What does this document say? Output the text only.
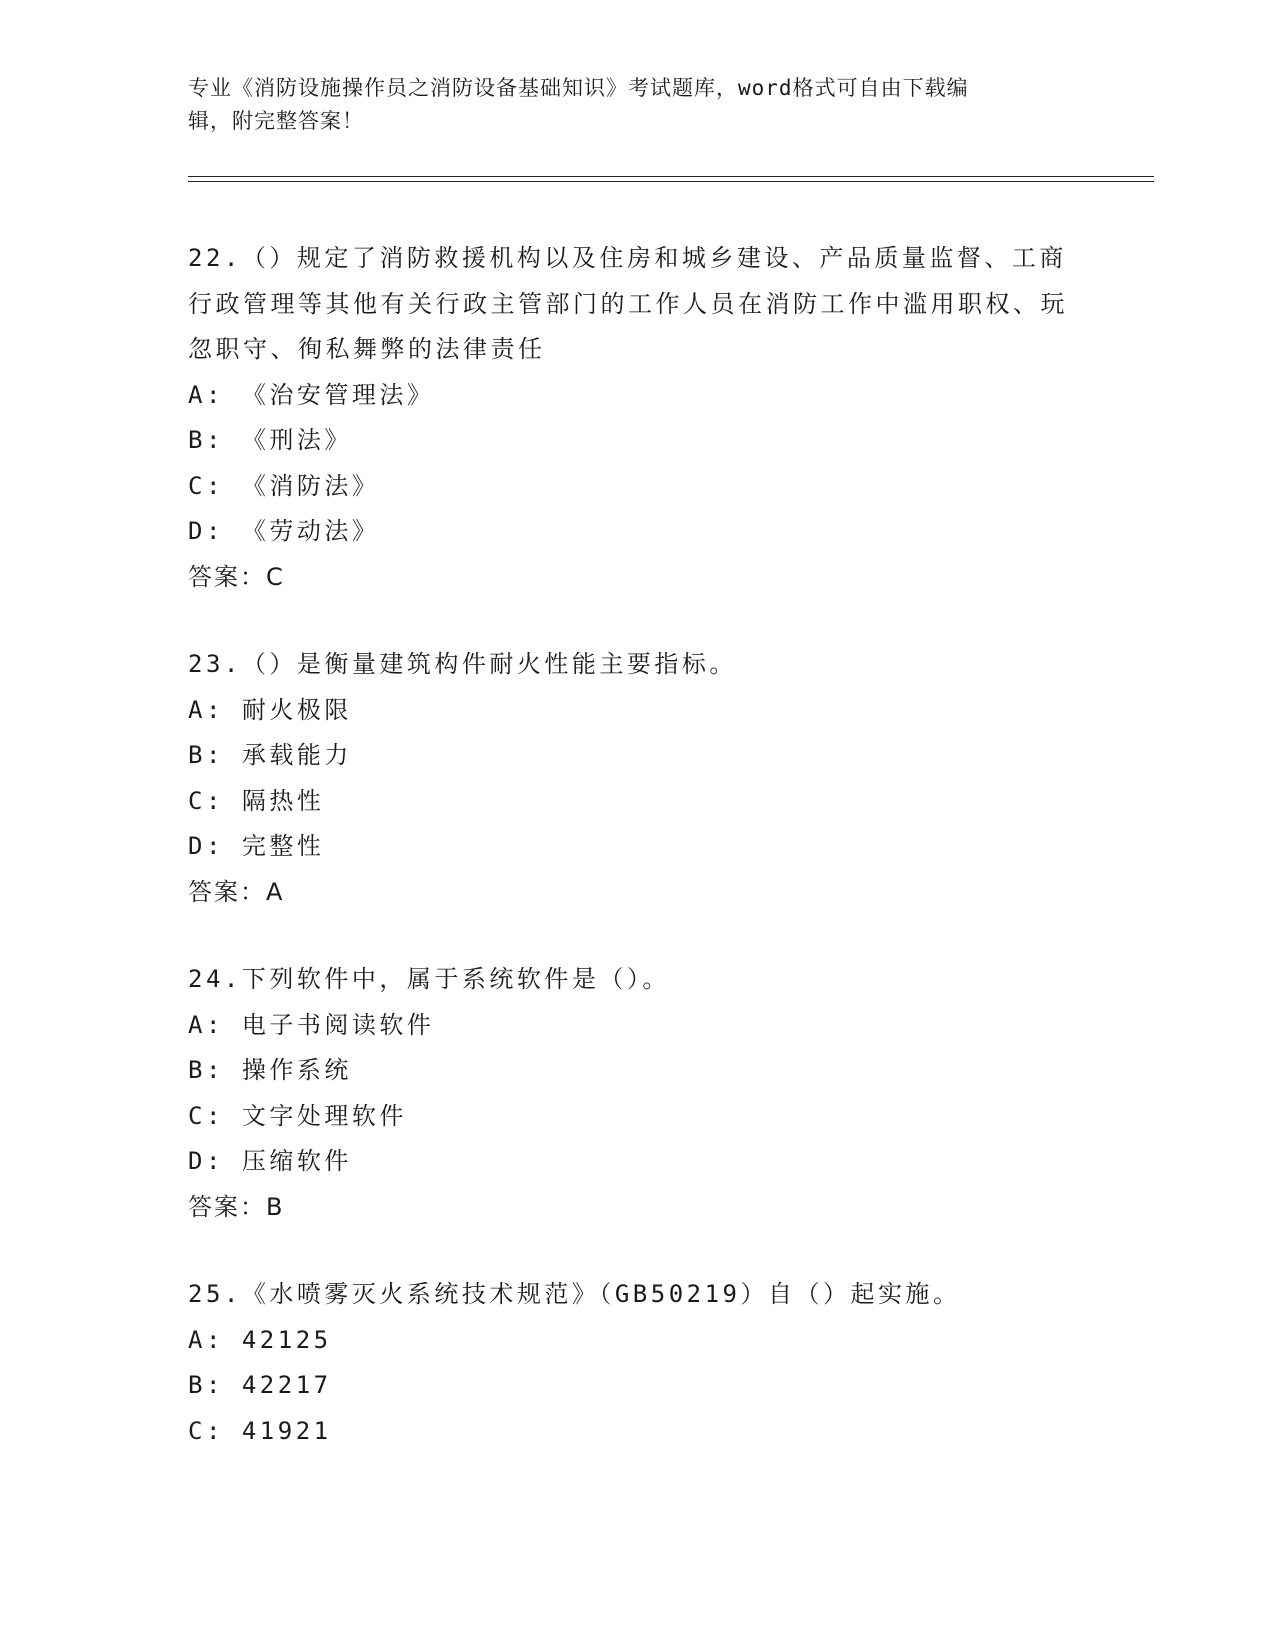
专业《消防设施操作员之消防设备基础知识》考试题库，word格式可自由下载编
辑，附完整答案！
22.（）规定了消防救援机构以及住房和城乡建设、产品质量监督、工商行政管理等其他有关行政主管部门的工作人员在消防工作中滥用职权、玩忽职守、徇私舞弊的法律责任
A: 《治安管理法》
B: 《刑法》
C: 《消防法》
D: 《劳动法》
答案：C
23.（）是衡量建筑构件耐火性能主要指标。
A: 耐火极限
B: 承载能力
C: 隔热性
D: 完整性
答案：A
24.下列软件中，属于系统软件是（）。
A: 电子书阅读软件
B: 操作系统
C: 文字处理软件
D: 压缩软件
答案：B
25.《水喷雾灭火系统技术规范》（GB50219）自（）起实施。
A: 42125
B: 42217
C: 41921
